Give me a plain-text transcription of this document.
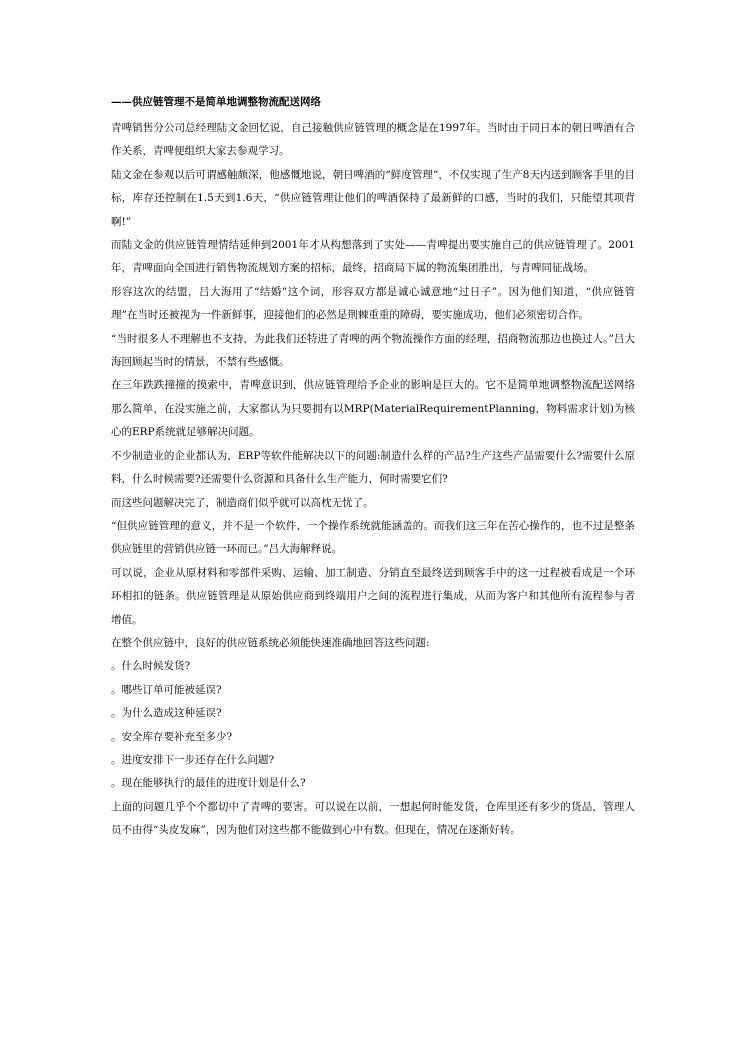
——供应链管理不是简单地调整物流配送网络

青啤销售分公司总经理陆文金回忆说，自己接触供应链管理的概念是在1997年。当时由于同日本的朝日啤酒有合作关系，青啤便组织大家去参观学习。

陆文金在参观以后可谓感触颇深，他感慨地说，朝日啤酒的“鲜度管理”，不仅实现了生产8天内送到顾客手里的目标，库存还控制在1.5天到1.6天，“供应链管理让他们的啤酒保持了最新鲜的口感，当时的我们，只能望其项背啊!”

而陆文金的供应链管理情结延伸到2001年才从构想落到了实处——青啤提出要实施自己的供应链管理了。2001年，青啤面向全国进行销售物流规划方案的招标，最终，招商局下属的物流集团胜出，与青啤同征战场。

形容这次的结盟，吕大海用了“结婚”这个词，形容双方都是诚心诚意地“过日子”。因为他们知道，“供应链管理”在当时还被视为一件新鲜事，迎接他们的必然是荆棘重重的障碍，要实施成功，他们必须密切合作。

“当时很多人不理解也不支持，为此我们还特进了青啤的两个物流操作方面的经理，招商物流那边也换过人。”吕大海回顾起当时的情景，不禁有些感慨。

在三年跌跌撞撞的摸索中，青啤意识到，供应链管理给予企业的影响是巨大的。它不是简单地调整物流配送网络那么简单，在没实施之前，大家都认为只要拥有以MRP(MaterialRequirementPlanning，物料需求计划)为核心的ERP系统就足够解决问题。

不少制造业的企业都认为，ERP等软件能解决以下的问题:制造什么样的产品?生产这些产品需要什么?需要什么原料，什么时候需要?还需要什么资源和具备什么生产能力，何时需要它们?

而这些问题解决完了，制造商们似乎就可以高枕无忧了。

“但供应链管理的意义，并不是一个软件、一个操作系统就能涵盖的。而我们这三年在苦心操作的，也不过是整条供应链里的营销供应链一环而已。”吕大海解释说。

可以说，企业从原材料和零部件采购、运输、加工制造、分销直至最终送到顾客手中的这一过程被看成是一个环环相扣的链条。供应链管理是从原始供应商到终端用户之间的流程进行集成，从而为客户和其他所有流程参与者增值。

在整个供应链中，良好的供应链系统必须能快速准确地回答这些问题:

。什么时候发货?

。哪些订单可能被延误?

。为什么造成这种延误?

。安全库存要补充至多少?

。进度安排下一步还存在什么问题?

。现在能够执行的最佳的进度计划是什么?

上面的问题几乎个个都切中了青啤的要害。可以说在以前，一想起何时能发货，仓库里还有多少的货品，管理人员不由得“头皮发麻”，因为他们对这些都不能做到心中有数。但现在，情况在逐渐好转。
